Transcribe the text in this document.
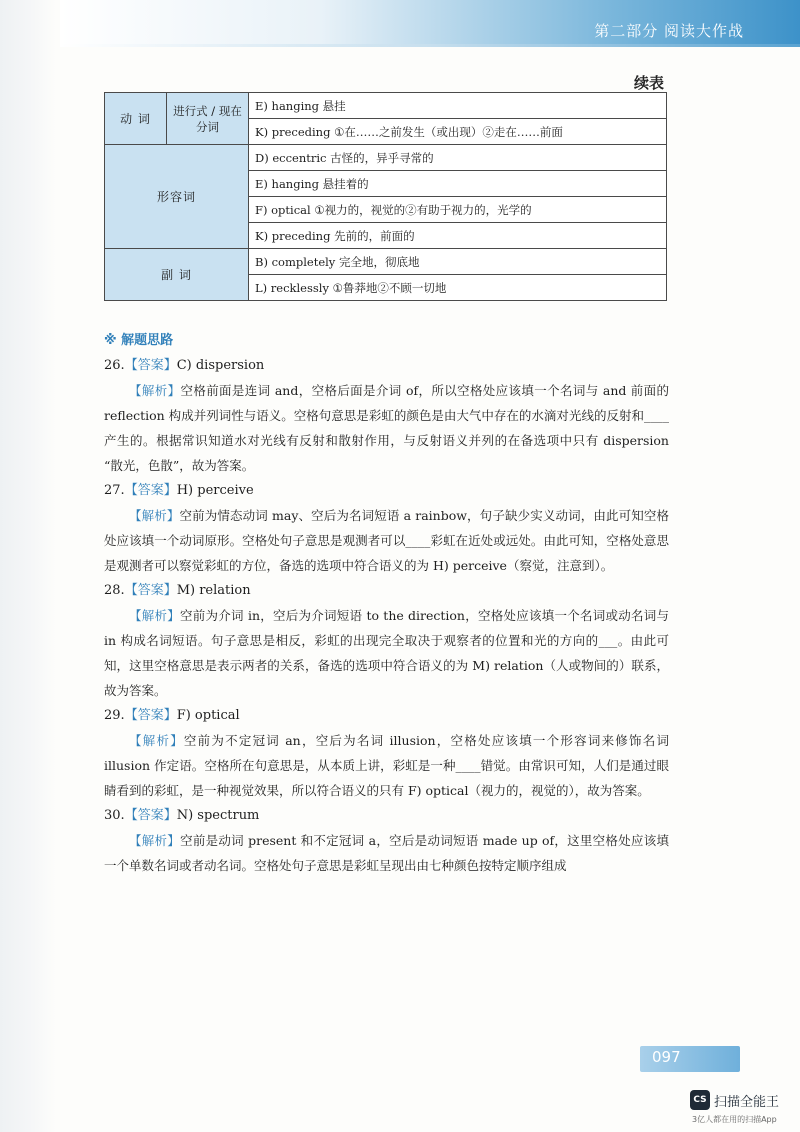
第二部分 阅读大作战
续表
动 词	进行式 / 现在分词	E) hanging 悬挂
		K) preceding ①在……之前发生（或出现）②走在……前面
形容词		D) eccentric 古怪的，异乎寻常的
		E) hanging 悬挂着的
		F) optical ①视力的，视觉的②有助于视力的，光学的
		K) preceding 先前的，前面的
副 词		B) completely 完全地，彻底地
		L) recklessly ①鲁莽地②不顾一切地

※ 解题思路

26.【答案】C) dispersion

【解析】空格前面是连词 and，空格后面是介词 of，所以空格处应该填一个名词与 and 前面的 reflection 构成并列词性与语义。空格句意思是彩虹的颜色是由大气中存在的水滴对光线的反射和____产生的。根据常识知道水对光线有反射和散射作用，与反射语义并列的在备选项中只有 dispersion “散光，色散”，故为答案。

27.【答案】H) perceive

【解析】空前为情态动词 may、空后为名词短语 a rainbow，句子缺少实义动词，由此可知空格处应该填一个动词原形。空格处句子意思是观测者可以____彩虹在近处或远处。由此可知，空格处意思是观测者可以察觉彩虹的方位，备选的选项中符合语义的为 H) perceive（察觉，注意到）。

28.【答案】M) relation

【解析】空前为介词 in，空后为介词短语 to the direction，空格处应该填一个名词或动名词与 in 构成名词短语。句子意思是相反，彩虹的出现完全取决于观察者的位置和光的方向的___。由此可知，这里空格意思是表示两者的关系，备选的选项中符合语义的为 M) relation（人或物间的）联系，故为答案。

29.【答案】F) optical

【解析】空前为不定冠词 an，空后为名词 illusion，空格处应该填一个形容词来修饰名词 illusion 作定语。空格所在句意思是，从本质上讲，彩虹是一种____错觉。由常识可知，人们是通过眼睛看到的彩虹，是一种视觉效果，所以符合语义的只有 F) optical（视力的，视觉的），故为答案。

30.【答案】N) spectrum

【解析】空前是动词 present 和不定冠词 a，空后是动词短语 made up of，这里空格处应该填一个单数名词或者动名词。空格处句子意思是彩虹呈现出由七种颜色按特定顺序组成

097
CS 扫描全能王
3亿人都在用的扫描App
